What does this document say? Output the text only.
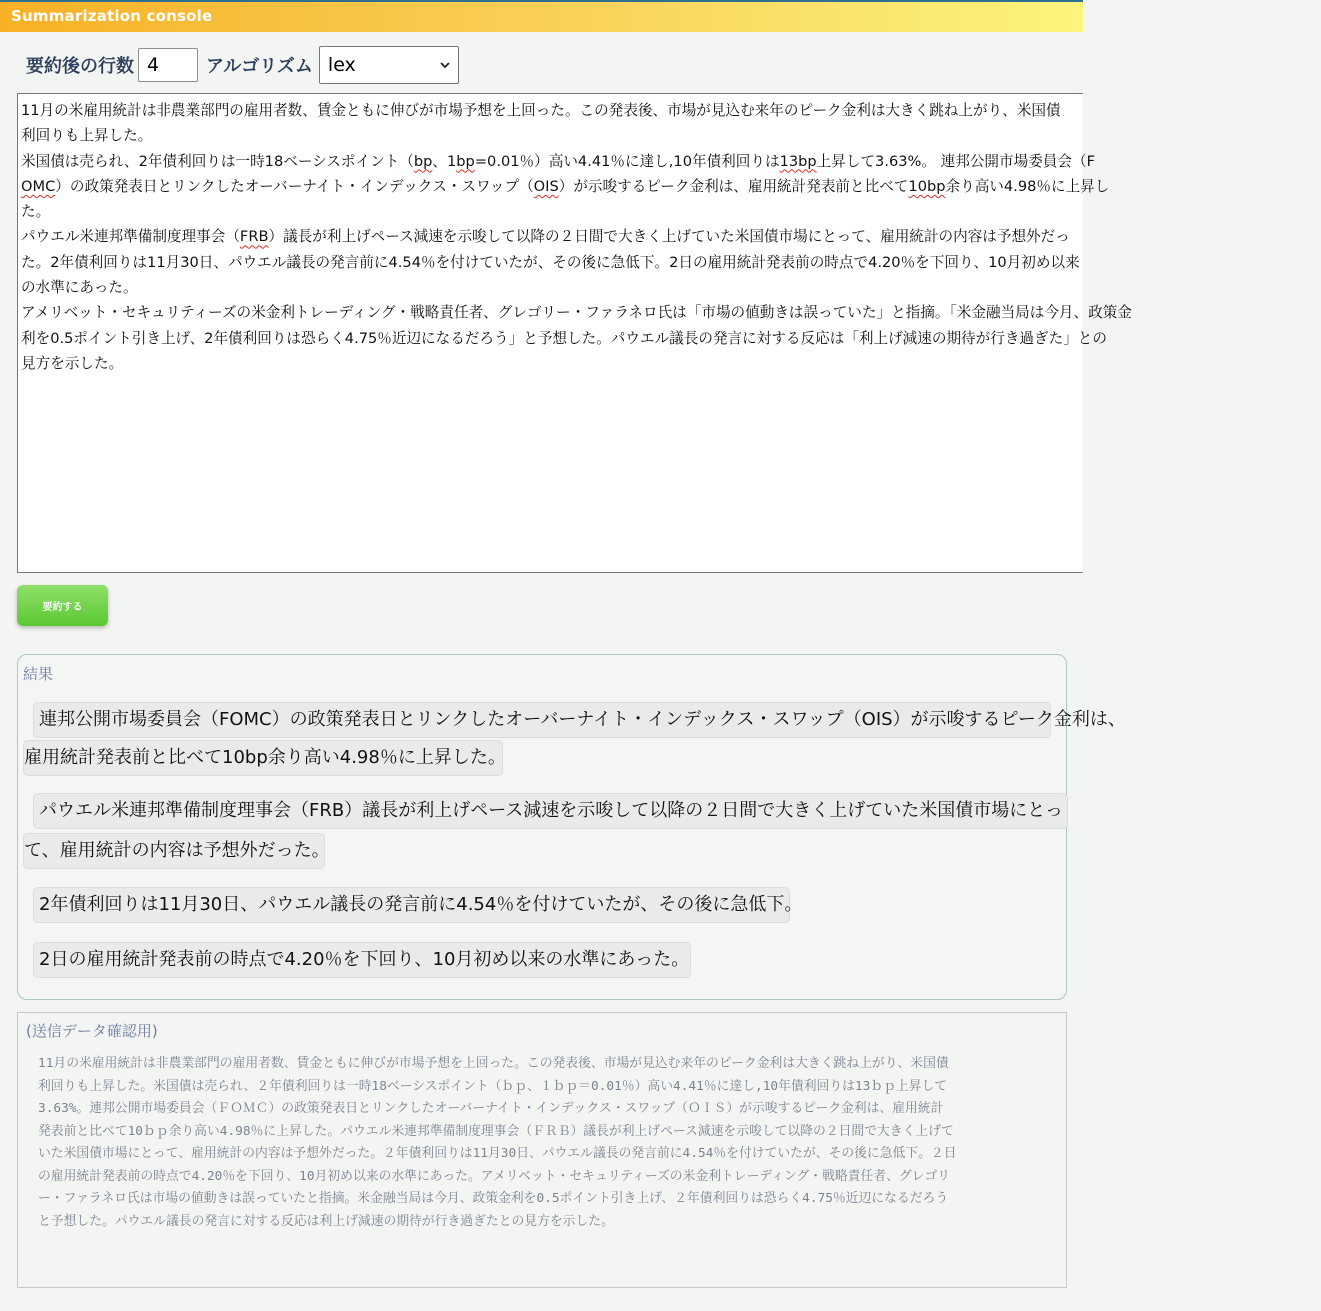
Summarization console
要約後の行数
4	アルゴリズム lex
11月の米雇用統計は非農業部門の雇用者数、賃金ともに伸びが市場予想を上回った。この発表後、市場が見込む来年のピーク金利は大きく跳ね上がり、米国債
利回りも上昇した。
米国債は売られ、2年債利回りは一時18ベーシスポイント（bp、1bp=0.01％）高い4.41％に達し,10年債利回りは13bp上昇して3.63%。 連邦公開市場委員会（F
OMC）の政策発表日とリンクしたオーバーナイト・インデックス・スワップ（OIS）が示唆するピーク金利は、雇用統計発表前と比べて10bp余り高い4.98％に上昇し
た。
パウエル米連邦準備制度理事会（FRB）議長が利上げペース減速を示唆して以降の２日間で大きく上げていた米国債市場にとって、雇用統計の内容は予想外だっ
た。2年債利回りは11月30日、パウエル議長の発言前に4.54％を付けていたが、その後に急低下。2日の雇用統計発表前の時点で4.20％を下回り、10月初め以来
の水準にあった。
アメリベット・セキュリティーズの米金利トレーディング・戦略責任者、グレゴリー・ファラネロ氏は「市場の値動きは誤っていた」と指摘。「米金融当局は今月、政策金
利を0.5ポイント引き上げ、2年債利回りは恐らく4.75％近辺になるだろう」と予想した。パウエル議長の発言に対する反応は「利上げ減速の期待が行き過ぎた」との
見方を示した。
要約する
結果
連邦公開市場委員会（FOMC）の政策発表日とリンクしたオーバーナイト・インデックス・スワップ（OIS）が示唆するピーク金利は、
雇用統計発表前と比べて10bp余り高い4.98％に上昇した。
パウエル米連邦準備制度理事会（FRB）議長が利上げペース減速を示唆して以降の２日間で大きく上げていた米国債市場にとっ
て、雇用統計の内容は予想外だった。
2年債利回りは11月30日、パウエル議長の発言前に4.54％を付けていたが、その後に急低下。
2日の雇用統計発表前の時点で4.20％を下回り、10月初め以来の水準にあった。
(送信データ確認用)
11月の米雇用統計は非農業部門の雇用者数、賃金ともに伸びが市場予想を上回った。この発表後、市場が見込む来年のピーク金利は大きく跳ね上がり、米国債
利回りも上昇した。米国債は売られ、２年債利回りは一時18ベーシスポイント（ｂｐ、１ｂｐ＝0.01％）高い4.41％に達し,10年債利回りは13ｂｐ上昇して
3.63%。連邦公開市場委員会（ＦＯＭＣ）の政策発表日とリンクしたオーバーナイト・インデックス・スワップ（ＯＩＳ）が示唆するピーク金利は、雇用統計
発表前と比べて10ｂｐ余り高い4.98％に上昇した。パウエル米連邦準備制度理事会（ＦＲＢ）議長が利上げペース減速を示唆して以降の２日間で大きく上げて
いた米国債市場にとって、雇用統計の内容は予想外だった。２年債利回りは11月30日、パウエル議長の発言前に4.54％を付けていたが、その後に急低下。２日
の雇用統計発表前の時点で4.20％を下回り、10月初め以来の水準にあった。アメリベット・セキュリティーズの米金利トレーディング・戦略責任者、グレゴリ
ー・ファラネロ氏は市場の値動きは誤っていたと指摘。米金融当局は今月、政策金利を0.5ポイント引き上げ、２年債利回りは恐らく4.75％近辺になるだろう
と予想した。パウエル議長の発言に対する反応は利上げ減速の期待が行き過ぎたとの見方を示した。
